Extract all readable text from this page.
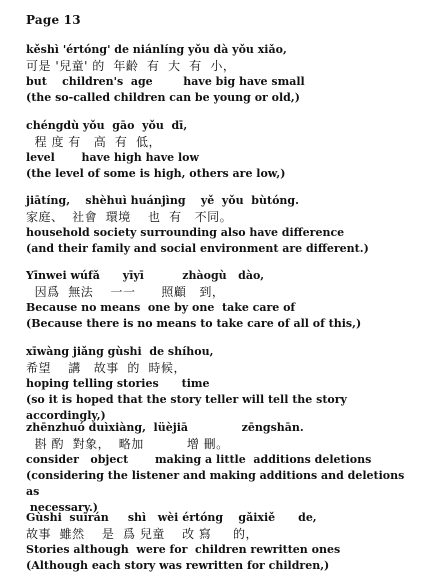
Page 13
kěshì 'értóng' de niánlíng yǒu dà yǒu xiǎo,
可是 '兒童' 的  年齡  有  大  有  小，
but    children's  age        have big have small
(the so-called children can be young or old,)
chéngdù yǒu  gāo  yǒu  dī,
程 度 有   高  有  低，
level       have high have low
(the level of some is high, others are low,)
jiātíng,    shèhuì huánjìng    yě  yǒu  bùtóng.
家庭、  社會  環境    也  有   不同。
household society surrounding also have difference
(and their family and social environment are different.)
Yīnwei wúfǎ      yīyī          zhàogù   dào,
因爲  無法    一一      照顧   到，
Because no means  one by one  take care of
(Because there is no means to take care of all of this,)
xīwàng jiǎng gùshi  de shíhou,
希望    講   故事  的  時候，
hoping telling stories      time
(so it is hoped that the story teller will tell the story accordingly,)
zhēnzhuó duìxiàng,  lüèjiā              zēngshān.
斟 酌  對象，  略加          增 刪。
consider   object       making a little  additions deletions
(considering the listener and making additions and deletions as
necessary.)
Gùshi  suīrán     shì   wèi értóng    gǎixiě      de,
故事  雖然    是  爲 兒童    改 寫     的，
Stories although  were for  children rewritten ones
(Although each story was rewritten for children,)
